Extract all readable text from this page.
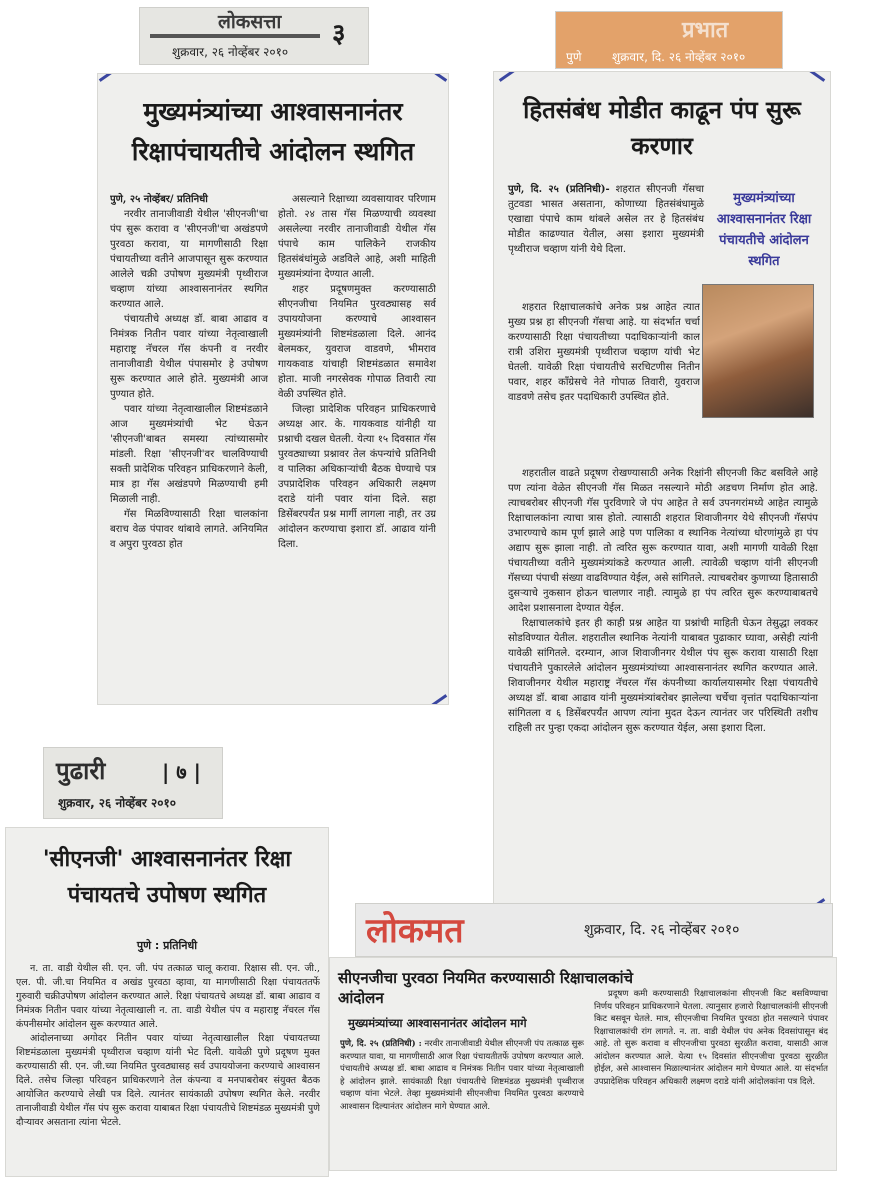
लोकसत्ता ३
शुक्रवार, २६ नोव्हेंबर २०१०
मुख्यमंत्र्यांच्या आश्वासनानंतर रिक्षापंचायतीचे आंदोलन स्थगित
पुणे, २५ नोव्हेंबर/ प्रतिनिधी

नरवीर तानाजीवाडी येथील 'सीएनजी'चा पंप सुरू करावा व 'सीएनजी'चा अखंडपणे पुरवठा करावा, या मागणीसाठी रिक्षा पंचायतीच्या वतीने आजपासून सुरू करण्यात आलेले चक्री उपोषण मुख्यमंत्री पृथ्वीराज चव्हाण यांच्या आश्वासनानंतर स्थगित करण्यात आले.

पंचायतीचे अध्यक्ष डॉ. बाबा आढाव व निमंत्रक नितीन पवार यांच्या नेतृत्वाखाली महाराष्ट्र नॅचरल गॅस कंपनी व नरवीर तानाजीवाडी येथील पंपासमोर हे उपोषण सुरू करण्यात आले होते. मुख्यमंत्री आज पुण्यात होते.

पवार यांच्या नेतृत्वाखालील शिष्टमंडळाने आज मुख्यमंत्र्यांची भेट घेऊन 'सीएनजी'बाबत समस्या त्यांच्यासमोर मांडली. रिक्षा 'सीएनजी'वर चालविण्याची सक्ती प्रादेशिक परिवहन प्राधिकरणाने केली, मात्र हा गॅस अखंडपणे मिळण्याची हमी मिळाली नाही.

गॅस मिळविण्यासाठी रिक्षा चालकांना बराच वेळ पंपावर थांबावे लागते. अनियमित व अपुरा पुरवठा होत

असल्याने रिक्षाच्या व्यवसायावर परिणाम होतो. २४ तास गॅस मिळण्याची व्यवस्था असलेल्या नरवीर तानाजीवाडी येथील गॅस पंपाचे काम पालिकेने राजकीय हितसंबंधांमुळे अडविले आहे, अशी माहिती मुख्यमंत्र्यांना देण्यात आली.

शहर प्रदूषणमुक्त करण्यासाठी सीएनजीचा नियमित पुरवठ्यासह सर्व उपाययोजना करण्याचे आश्वासन मुख्यमंत्र्यांनी शिष्टमंडळाला दिले. आनंद बेलमकर, युवराज वाडवणे, भीमराव गायकवाड यांचाही शिष्टमंडळात समावेश होता. माजी नगरसेवक गोपाळ तिवारी त्या वेळी उपस्थित होते.

जिल्हा प्रादेशिक परिवहन प्राधिकरणाचे अध्यक्ष आर. के. गायकवाड यांनीही या प्रश्नाची दखल घेतली. येत्या १५ दिवसात गॅस पुरवठ्याच्या प्रश्नावर तेल कंपन्यांचे प्रतिनिधी व पालिका अधिकाऱ्यांची बैठक घेण्याचे पत्र उपप्रादेशिक परिवहन अधिकारी लक्ष्मण दराडे यांनी पवार यांना दिले. सहा डिसेंबरपर्यंत प्रश्न मार्गी लागला नाही, तर उग्र आंदोलन करण्याचा इशारा डॉ. आढाव यांनी दिला.

प्रभात
पुणे	शुक्रवार, दि. २६ नोव्हेंबर २०१०
हितसंबंध मोडीत काढून पंप सुरू करणार
पुणे, दि. २५ (प्रतिनिधी)- शहरात सीएनजी गॅसचा तुटवडा भासत असताना, कोणाच्या हितसंबंधामुळे एखाद्या पंपाचे काम थांबले असेल तर हे हितसंबंध मोडीत काढण्यात येतील, असा इशारा मुख्यमंत्री पृथ्वीराज चव्हाण यांनी येथे दिला.
मुख्यमंत्र्यांच्या आश्वासनानंतर रिक्षा पंचायतीचे आंदोलन स्थगित

शहरात रिक्षाचालकांचे अनेक प्रश्न आहेत त्यात मुख्य प्रश्न हा सीएनजी गॅसचा आहे. या संदर्भात चर्चा करण्यासाठी रिक्षा पंचायतीच्या पदाधिकाऱ्यांनी काल रात्री उशिरा मुख्यमंत्री पृथ्वीराज चव्हाण यांची भेट घेतली. यावेळी रिक्षा पंचायतीचे सरचिटणीस नितीन पवार, शहर काँग्रेसचे नेते गोपाळ तिवारी, युवराज वाडवणे तसेच इतर पदाधिकारी उपस्थित होते.

शहरातील वाढते प्रदूषण रोखण्यासाठी अनेक रिक्षांनी सीएनजी किट बसविले आहे पण त्यांना वेळेत सीएनजी गॅस मिळत नसल्याने मोठी अडचण निर्माण होत आहे. त्याचबरोबर सीएनजी गॅस पुरविणारे जे पंप आहेत ते सर्व उपनगरांमध्ये आहेत त्यामुळे रिक्षाचालकांना त्याचा त्रास होतो. त्यासाठी शहरात शिवाजीनगर येथे सीएनजी गॅसपंप उभारण्याचे काम पूर्ण झाले आहे पण पालिका व स्थानिक नेत्यांच्या धोरणांमुळे हा पंप अद्याप सुरू झाला नाही. तो त्वरित सुरू करण्यात यावा, अशी मागणी यावेळी रिक्षा पंचायतीच्या वतीने मुख्यमंत्र्यांकडे करण्यात आली. त्यावेळी चव्हाण यांनी सीएनजी गॅसच्या पंपाची संख्या वाढविण्यात येईल, असे सांगितले. त्याचबरोबर कुणाच्या हितासाठी दुसऱ्याचे नुकसान होऊन चालणार नाही. त्यामुळे हा पंप त्वरित सुरू करण्याबाबतचे आदेश प्रशासनाला देण्यात येईल.

रिक्षाचालकांचे इतर ही काही प्रश्न आहेत या प्रश्नांची माहिती घेऊन तेसुद्धा लवकर सोडविण्यात येतील. शहरातील स्थानिक नेत्यांनी याबाबत पुढाकार घ्यावा, असेही त्यांनी यावेळी सांगितले. दरम्यान, आज शिवाजीनगर येथील पंप सुरू करावा यासाठी रिक्षा पंचायतीने पुकारलेले आंदोलन मुख्यमंत्र्यांच्या आश्वासनानंतर स्थगित करण्यात आले. शिवाजीनगर येथील महाराष्ट्र नॅचरल गॅस कंपनीच्या कार्यालयासमोर रिक्षा पंचायतीचे अध्यक्ष डॉ. बाबा आढाव यांनी मुख्यमंत्र्यांबरोबर झालेल्या चर्चेचा वृत्तांत पदाधिकाऱ्यांना सांगितला व ६ डिसेंबरपर्यंत आपण त्यांना मुदत देऊन त्यानंतर जर परिस्थिती तशीच राहिली तर पुन्हा एकदा आंदोलन सुरू करण्यात येईल, असा इशारा दिला.

पुढारी	| ७ |
शुक्रवार, २६ नोव्हेंबर २०१०
'सीएनजी' आश्वासनानंतर रिक्षा पंचायतचे उपोषण स्थगित
पुणे : प्रतिनिधी

न. ता. वाडी येथील सी. एन. जी. पंप तत्काळ चालू करावा. रिक्षास सी. एन. जी., एल. पी. जी.चा नियमित व अखंड पुरवठा व्हावा, या मागणीसाठी रिक्षा पंचायततर्फे गुरुवारी चक्रीउपोषण आंदोलन करण्यात आले. रिक्षा पंचायतचे अध्यक्ष डॉ. बाबा आढाव व निमंत्रक नितीन पवार यांच्या नेतृत्वाखाली न. ता. वाडी येथील पंप व महाराष्ट्र नॅचरल गॅस कंपनीसमोर आंदोलन सुरू करण्यात आले.

आंदोलनाच्या अगोदर नितीन पवार यांच्या नेतृत्वाखालील रिक्षा पंचायतच्या शिष्टमंडळाला मुख्यमंत्री पृथ्वीराज चव्हाण यांनी भेट दिली. यावेळी पुणे प्रदूषण मुक्त करण्यासाठी सी. एन. जी.च्या नियमित पुरवठ्यासह सर्व उपाययोजना करण्याचे आश्वासन दिले. तसेच जिल्हा परिवहन प्राधिकरणाने तेल कंपन्या व मनपाबरोबर संयुक्त बैठक आयोजित करण्याचे लेखी पत्र दिले. त्यानंतर सायंकाळी उपोषण स्थगित केले. नरवीर तानाजीवाडी येथील गॅस पंप सुरू करावा याबाबत रिक्षा पंचायतीचे शिष्टमंडळ मुख्यमंत्री पुणे दौऱ्यावर असताना त्यांना भेटले.

लोकमत	शुक्रवार, दि. २६ नोव्हेंबर २०१०
सीएनजीचा पुरवठा नियमित करण्यासाठी रिक्षाचालकांचे आंदोलन
मुख्यमंत्र्यांच्या आश्वासनानंतर आंदोलन मागे
पुणे, दि. २५ (प्रतिनिधी) : नरवीर तानाजीवाडी येथील सीएनजी पंप तत्काळ सुरू करण्यात यावा, या मागणीसाठी आज रिक्षा पंचायतीतर्फे उपोषण करण्यात आले. पंचायतीचे अध्यक्ष डॉ. बाबा आढाव व निमंत्रक नितीन पवार यांच्या नेतृत्वाखाली हे आंदोलन झाले. सायंकाळी रिक्षा पंचायतीचे शिष्टमंडळ मुख्यमंत्री पृथ्वीराज चव्हाण यांना भेटले. तेव्हा मुख्यमंत्र्यांनी सीएनजीचा नियमित पुरवठा करण्याचे आश्वासन दिल्यानंतर आंदोलन मागे घेण्यात आले.

प्रदूषण कमी करण्यासाठी रिक्षाचालकांना सीएनजी किट बसविण्याचा निर्णय परिवहन प्राधिकरणाने घेतला. त्यानुसार हजारो रिक्षाचालकांनी सीएनजी किट बसवून घेतले. मात्र, सीएनजीचा नियमित पुरवठा होत नसल्याने पंपावर रिक्षाचालकांची रांग लागते. न. ता. वाडी येथील पंप अनेक दिवसांपासून बंद आहे. तो सुरू करावा व सीएनजीचा पुरवठा सुरळीत करावा, यासाठी आज आंदोलन करण्यात आले. येत्या १५ दिवसांत सीएनजीचा पुरवठा सुरळीत होईल, असे आश्वासन मिळाल्यानंतर आंदोलन मागे घेण्यात आले. या संदर्भात उपप्रादेशिक परिवहन अधिकारी लक्ष्मण दराडे यांनी आंदोलकांना पत्र दिले.
